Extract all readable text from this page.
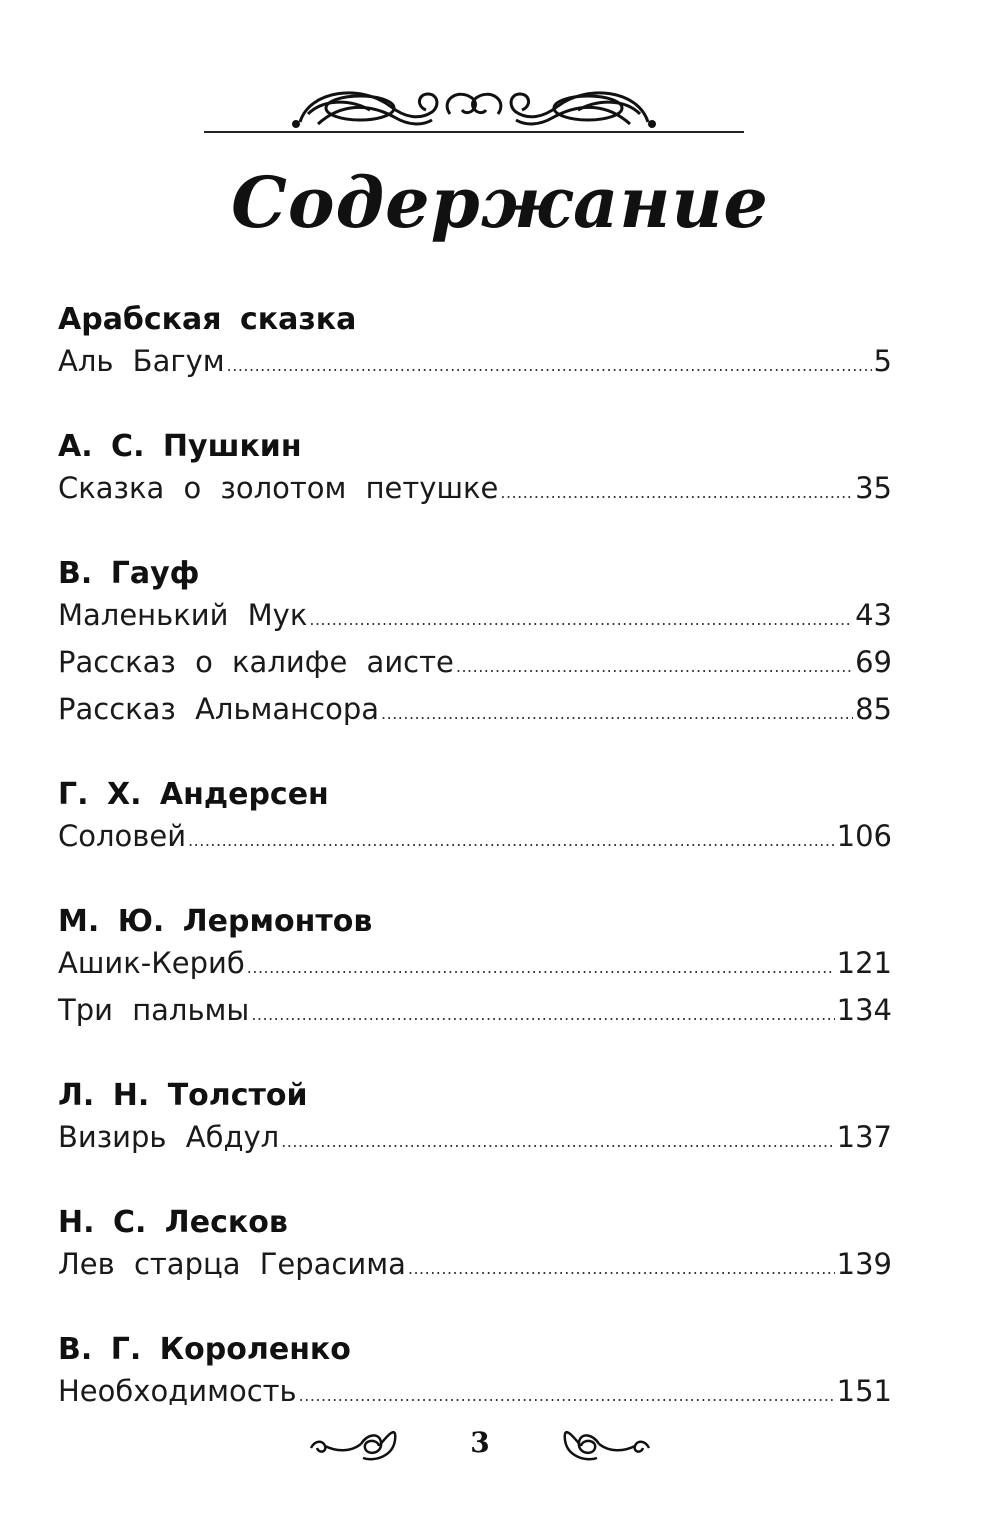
Содержание
Арабская сказка
Аль Багум .....	5
А. С. Пушкин
Сказка о золотом петушке .....	35
В. Гауф
Маленький Мук .....	43
Рассказ о калифе аисте .....	69
Рассказ Альмансора .....	85
Г. Х. Андерсен
Соловей .....	106
М. Ю. Лермонтов
Ашик-Кериб .....	121
Три пальмы .....	134
Л. Н. Толстой
Визирь Абдул .....	137
Н. С. Лесков
Лев старца Герасима .....	139
В. Г. Короленко
Необходимость .....	151
3
